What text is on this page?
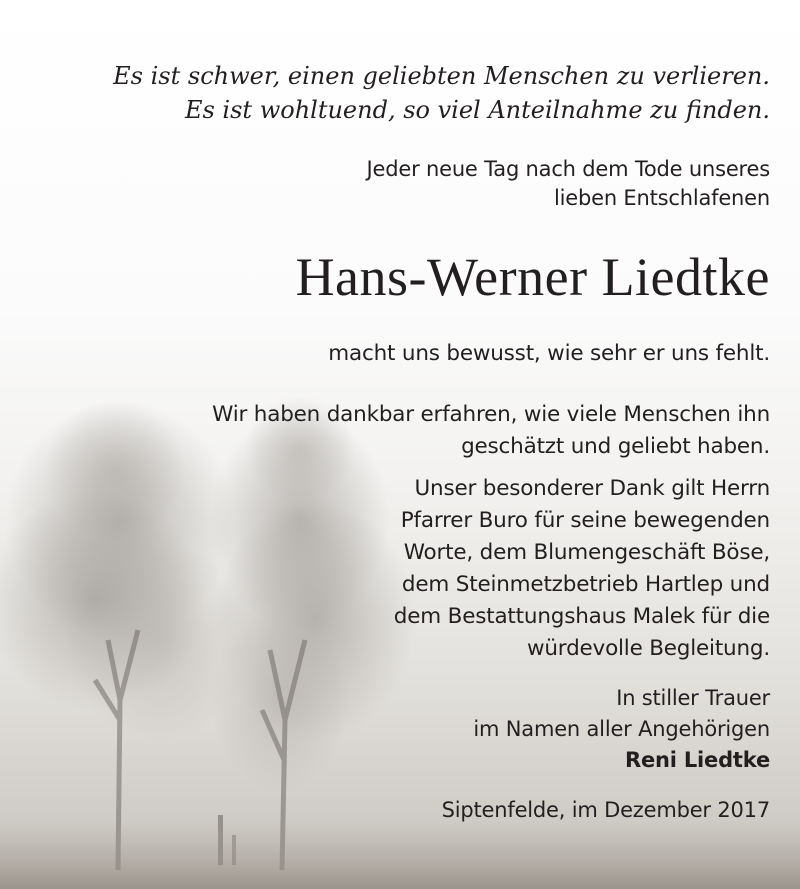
Es ist schwer, einen geliebten Menschen zu verlieren.
Es ist wohltuend, so viel Anteilnahme zu finden.
Jeder neue Tag nach dem Tode unseres
lieben Entschlafenen
Hans-Werner Liedtke
macht uns bewusst, wie sehr er uns fehlt.
Wir haben dankbar erfahren, wie viele Menschen ihn
geschätzt und geliebt haben.
Unser besonderer Dank gilt Herrn
Pfarrer Buro für seine bewegenden
Worte, dem Blumengeschäft Böse,
dem Steinmetzbetrieb Hartlep und
dem Bestattungshaus Malek für die
würdevolle Begleitung.
In stiller Trauer
im Namen aller Angehörigen
Reni Liedtke
Siptenfelde, im Dezember 2017
